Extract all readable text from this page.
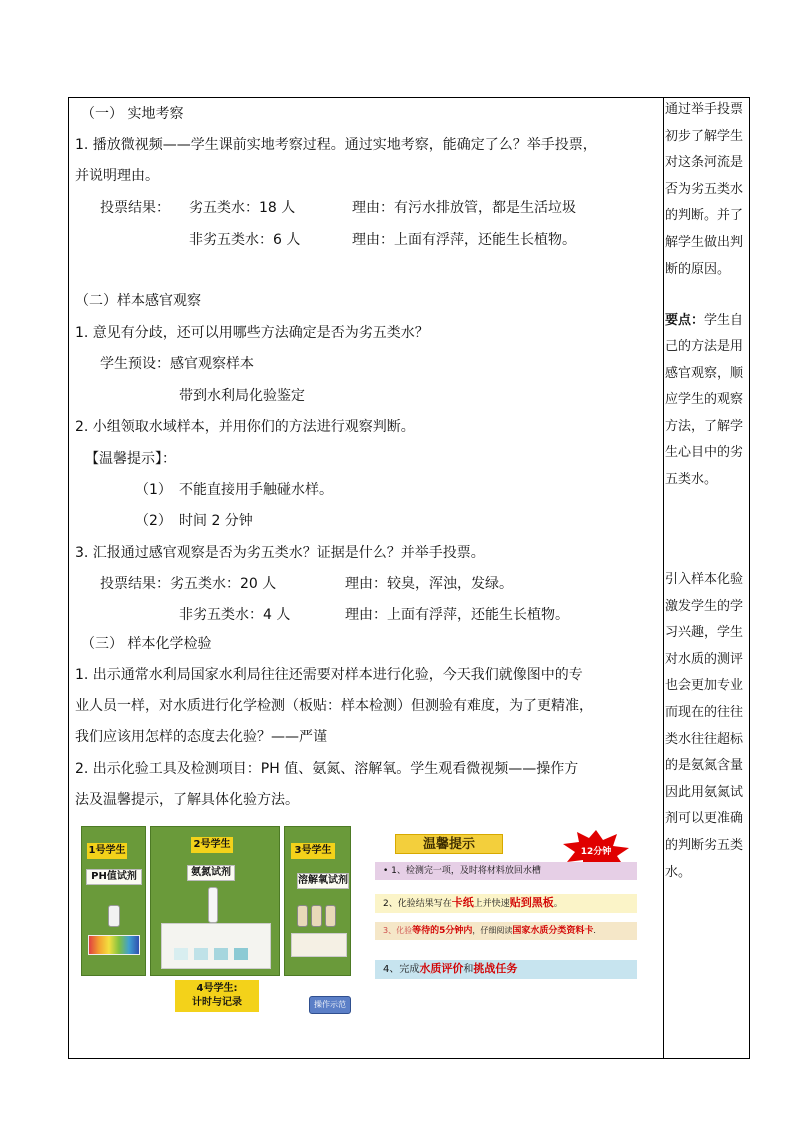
（一） 实地考察
1. 播放微视频——学生课前实地考察过程。通过实地考察，能确定了么？举手投票，
并说明理由。
投票结果： 劣五类水：18 人	理由：有污水排放管，都是生活垃圾
非劣五类水：6 人	理由：上面有浮萍，还能生长植物。
（二）样本感官观察
1. 意见有分歧，还可以用哪些方法确定是否为劣五类水？
学生预设：感官观察样本
带到水利局化验鉴定
2. 小组领取水域样本，并用你们的方法进行观察判断。
【温馨提示】：
（1） 不能直接用手触碰水样。
（2） 时间 2 分钟
3. 汇报通过感官观察是否为劣五类水？证据是什么？并举手投票。
投票结果：劣五类水：20 人	理由：较臭，浑浊，发绿。
非劣五类水：4 人	理由：上面有浮萍，还能生长植物。
（三） 样本化学检验
1. 出示通常水利局国家水利局往往还需要对样本进行化验，今天我们就像图中的专
业人员一样，对水质进行化学检测（板贴：样本检测）但测验有难度，为了更精准，
我们应该用怎样的态度去化验？——严谨
2. 出示化验工具及检测项目：PH 值、氨氮、溶解氧。学生观看微视频——操作方
法及温馨提示，了解具体化验方法。
1号学生
PH值试剂
2号学生
氨氮试剂
3号学生
溶解氧试剂
4号学生:
计时与记录	操作示范
温馨提示	12分钟
• 1、检测完一项，及时将材料放回水槽
2、化验结果写在卡纸上并快速贴到黑板。
3、化验等待的5分钟内，仔细阅读国家水质分类资料卡.
4、完成水质评价和挑战任务
通过举手投票
初步了解学生
对这条河流是
否为劣五类水
的判断。并了
解学生做出判
断的原因。
要点：学生自
己的方法是用
感官观察，顺
应学生的观察
方法，了解学
生心目中的劣
五类水。
引入样本化验
激发学生的学
习兴趣，学生
对水质的测评
也会更加专业
而现在的往往
类水往往超标
的是氨氮含量
因此用氨氮试
剂可以更准确
的判断劣五类
水。
